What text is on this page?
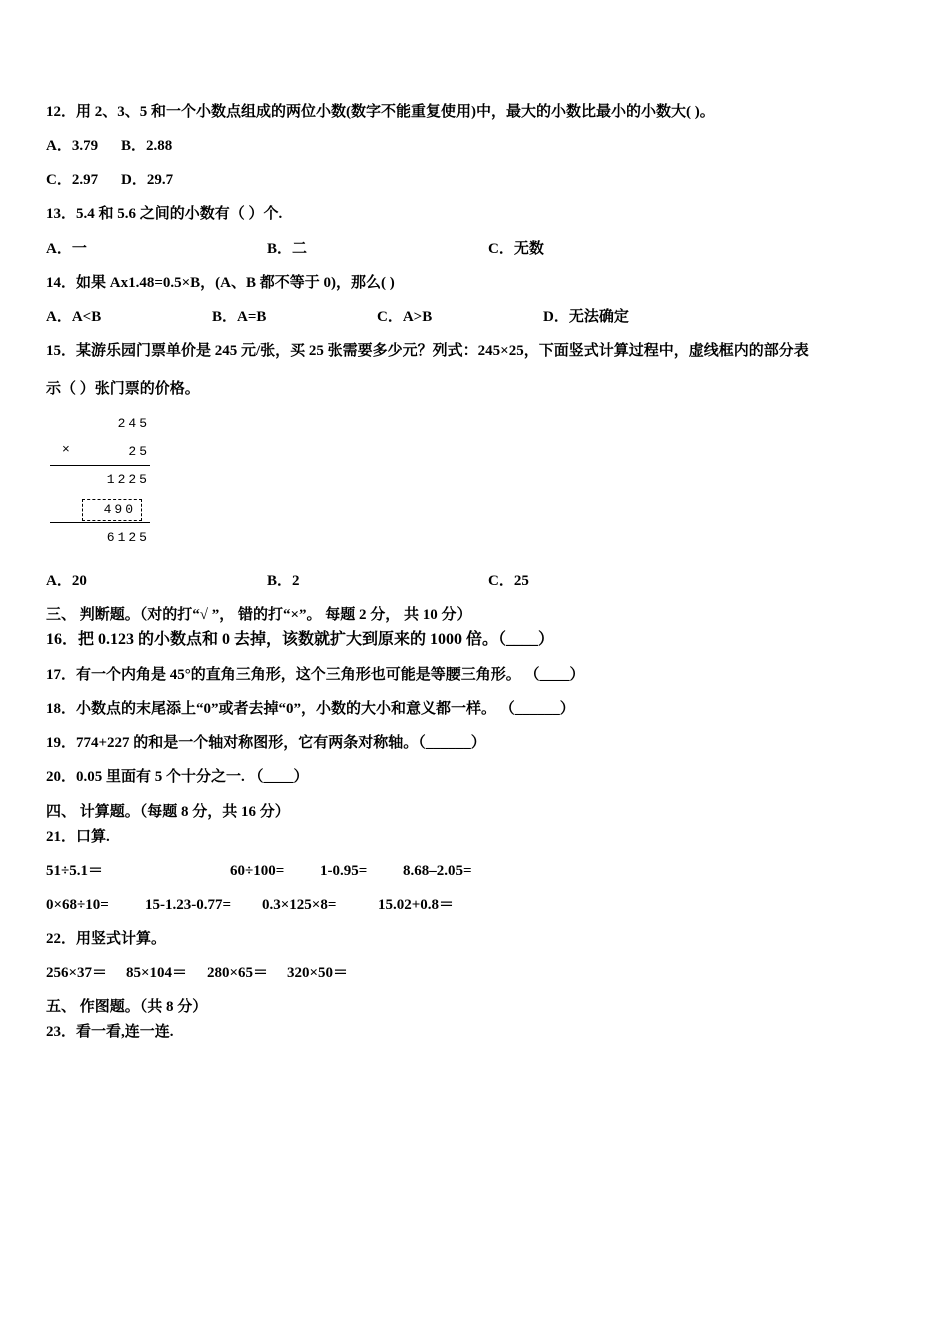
12．用 2、3、5 和一个小数点组成的两位小数(数字不能重复使用)中，最大的小数比最小的小数大( )。
A．3.79 B．2.88
C．2.97 D．29.7
13．5.4 和 5.6 之间的小数有（ ）个.
A．一	B．二	C．无数
14．如果 Ax1.48=0.5×B，(A、B 都不等于 0)，那么( )
A．A<B	B．A=B	C．A>B	D．无法确定
15．某游乐园门票单价是 245 元/张，买 25 张需要多少元？列式：245×25，下面竖式计算过程中，虚线框内的部分表
示（ ）张门票的价格。
245
×	25
1225
490
6125
A．20	B．2	C．25
三、 判断题。（对的打“√ ”， 错的打“×”。 每题 2 分， 共 10 分）
16．把 0.123 的小数点和 0 去掉，该数就扩大到原来的 1000 倍。（____）
17．有一个内角是 45°的直角三角形，这个三角形也可能是等腰三角形。 （____）
18．小数点的末尾添上“0”或者去掉“0”，小数的大小和意义都一样。 （______）
19．774+227 的和是一个轴对称图形，它有两条对称轴。（______）
20．0.05 里面有 5 个十分之一. （____）
四、 计算题。（每题 8 分，共 16 分）
21．口算.
51÷5.1＝	60÷100= 1-0.95= 8.68–2.05=
0×68÷10= 15-1.23-0.77= 0.3×125×8=	15.02+0.8＝
22．用竖式计算。
256×37＝ 85×104＝ 280×65＝ 320×50＝
五、 作图题。（共 8 分）
23．看一看,连一连.
